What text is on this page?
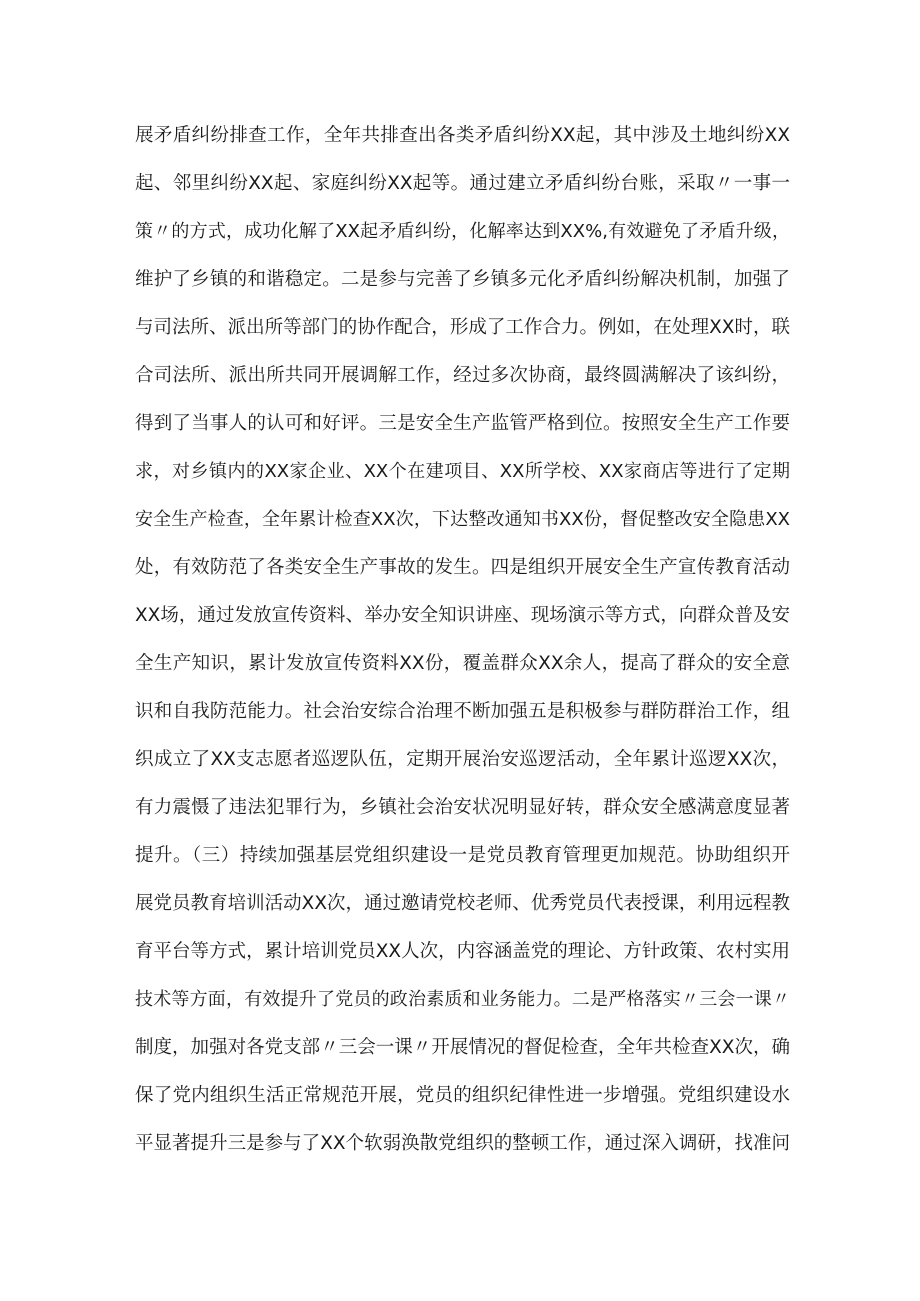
展矛盾纠纷排查工作，全年共排查出各类矛盾纠纷XX起，其中涉及土地纠纷XX
起、邻里纠纷XX起、家庭纠纷XX起等。通过建立矛盾纠纷台账，采取〃一事一
策〃的方式，成功化解了XX起矛盾纠纷，化解率达到XX%,有效避免了矛盾升级，
维护了乡镇的和谐稳定。二是参与完善了乡镇多元化矛盾纠纷解决机制，加强了
与司法所、派出所等部门的协作配合，形成了工作合力。例如，在处理XX时，联
合司法所、派出所共同开展调解工作，经过多次协商，最终圆满解决了该纠纷，
得到了当事人的认可和好评。三是安全生产监管严格到位。按照安全生产工作要
求，对乡镇内的XX家企业、XX个在建项目、XX所学校、XX家商店等进行了定期
安全生产检查，全年累计检查XX次，下达整改通知书XX份，督促整改安全隐患XX
处，有效防范了各类安全生产事故的发生。四是组织开展安全生产宣传教育活动
XX场，通过发放宣传资料、举办安全知识讲座、现场演示等方式，向群众普及安
全生产知识，累计发放宣传资料XX份，覆盖群众XX余人，提高了群众的安全意
识和自我防范能力。社会治安综合治理不断加强五是积极参与群防群治工作，组
织成立了XX支志愿者巡逻队伍，定期开展治安巡逻活动，全年累计巡逻XX次，
有力震慑了违法犯罪行为，乡镇社会治安状况明显好转，群众安全感满意度显著
提升。（三）持续加强基层党组织建设一是党员教育管理更加规范。协助组织开
展党员教育培训活动XX次，通过邀请党校老师、优秀党员代表授课，利用远程教
育平台等方式，累计培训党员XX人次，内容涵盖党的理论、方针政策、农村实用
技术等方面，有效提升了党员的政治素质和业务能力。二是严格落实〃三会一课〃
制度，加强对各党支部〃三会一课〃开展情况的督促检查，全年共检查XX次，确
保了党内组织生活正常规范开展，党员的组织纪律性进一步增强。党组织建设水
平显著提升三是参与了XX个软弱涣散党组织的整顿工作，通过深入调研，找准问
